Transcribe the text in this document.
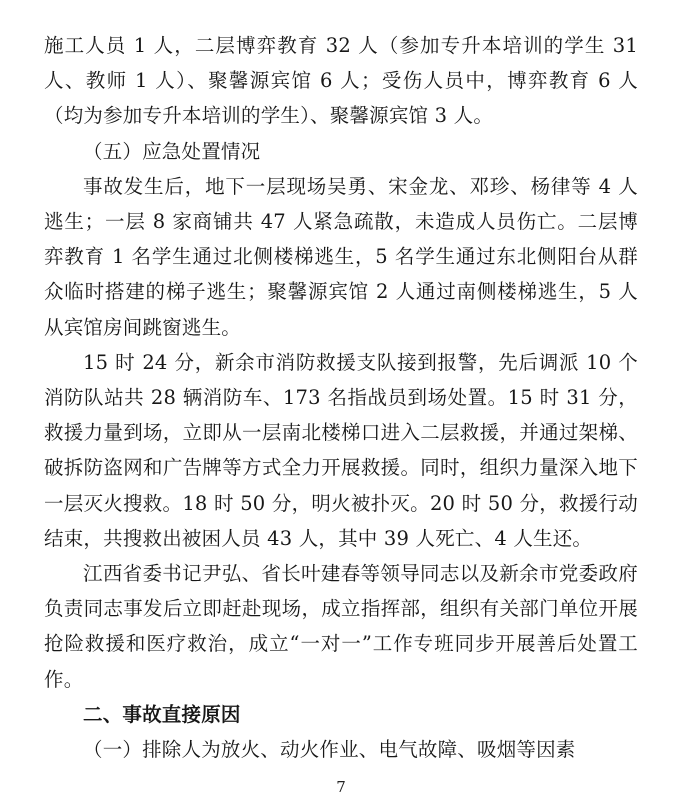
施工人员 1 人，二层博弈教育 32 人（参加专升本培训的学生 31 人、教师 1 人）、聚馨源宾馆 6 人；受伤人员中，博弈教育 6 人（均为参加专升本培训的学生）、聚馨源宾馆 3 人。

（五）应急处置情况

事故发生后，地下一层现场吴勇、宋金龙、邓珍、杨律等 4 人逃生；一层 8 家商铺共 47 人紧急疏散，未造成人员伤亡。二层博弈教育 1 名学生通过北侧楼梯逃生，5 名学生通过东北侧阳台从群众临时搭建的梯子逃生；聚馨源宾馆 2 人通过南侧楼梯逃生，5 人从宾馆房间跳窗逃生。

15 时 24 分，新余市消防救援支队接到报警，先后调派 10 个消防队站共 28 辆消防车、173 名指战员到场处置。15 时 31 分，救援力量到场，立即从一层南北楼梯口进入二层救援，并通过架梯、破拆防盗网和广告牌等方式全力开展救援。同时，组织力量深入地下一层灭火搜救。18 时 50 分，明火被扑灭。20 时 50 分，救援行动结束，共搜救出被困人员 43 人，其中 39 人死亡、4 人生还。

江西省委书记尹弘、省长叶建春等领导同志以及新余市党委政府负责同志事发后立即赶赴现场，成立指挥部，组织有关部门单位开展抢险救援和医疗救治，成立“一对一”工作专班同步开展善后处置工作。

二、事故直接原因

（一）排除人为放火、动火作业、电气故障、吸烟等因素

7
